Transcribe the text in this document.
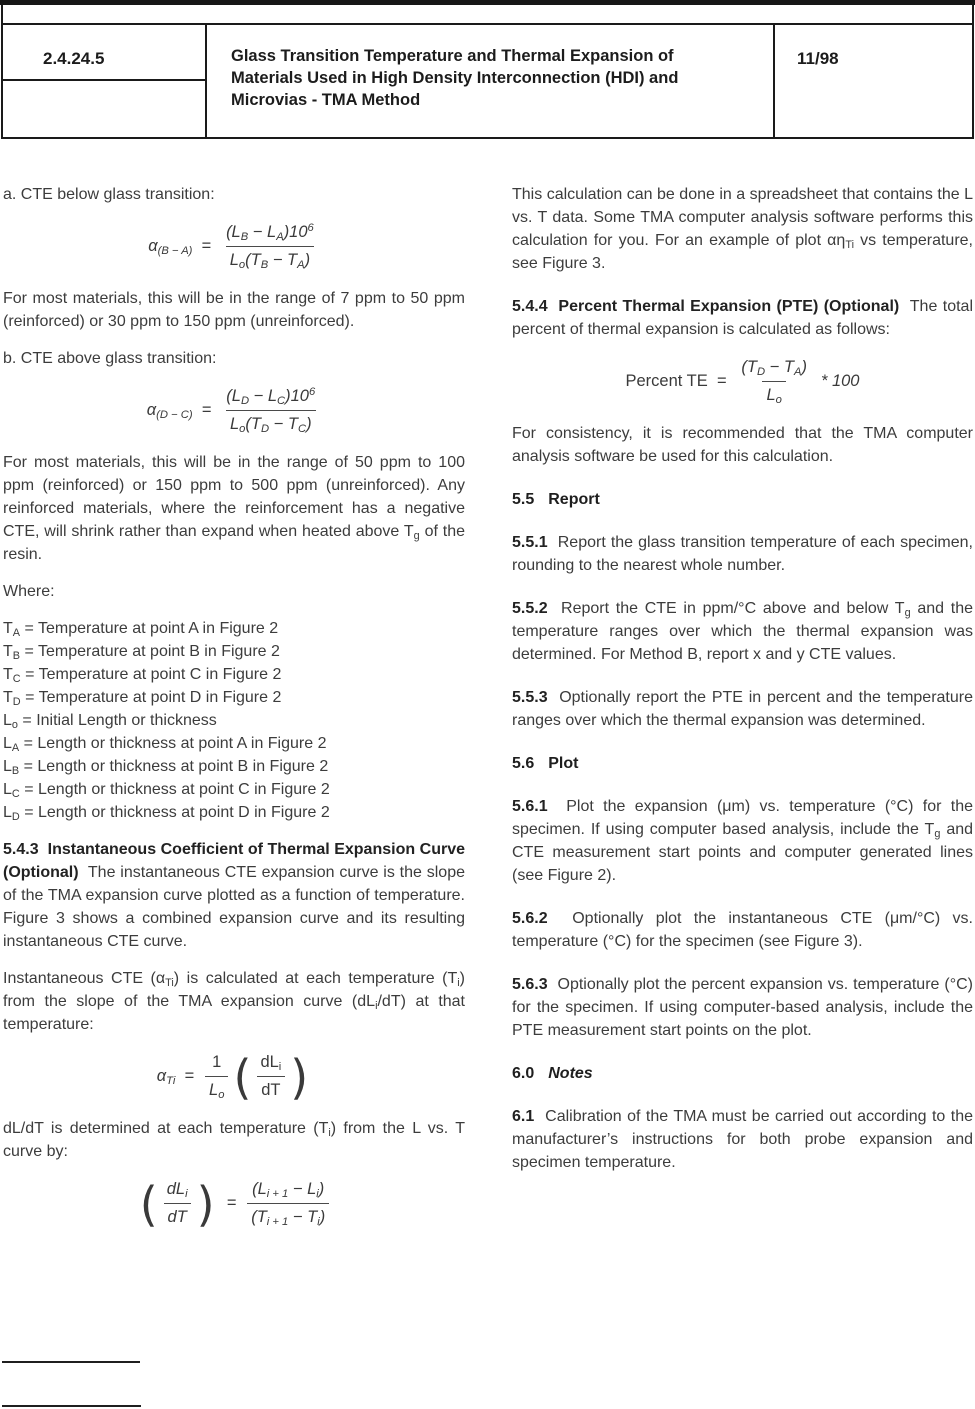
2.4.24.5	Glass Transition Temperature and Thermal Expansion of
Materials Used in High Density Interconnection (HDI) and
Microvias - TMA Method
11/98
a. CTE below glass transition:
$\alpha_{(B - A)} = \frac{(L_B - L_A)10^6}{L_o(T_B - T_A)}$
For most materials, this will be in the range of 7 ppm to 50 ppm (reinforced) or 30 ppm to 150 ppm (unreinforced).
b. CTE above glass transition:
$\alpha_{(D - C)} = \frac{(L_D - L_C)10^6}{L_o(T_D - T_C)}$
For most materials, this will be in the range of 50 ppm to 100 ppm (reinforced) or 150 ppm to 500 ppm (unreinforced). Any reinforced materials, where the reinforcement has a negative CTE, will shrink rather than expand when heated above $T_g$ of the resin.
Where:
$T_A$ = Temperature at point A in Figure 2
$T_B$ = Temperature at point B in Figure 2
$T_C$ = Temperature at point C in Figure 2
$T_D$ = Temperature at point D in Figure 2
$L_o$ = Initial Length or thickness
$L_A$ = Length or thickness at point A in Figure 2
$L_B$ = Length or thickness at point B in Figure 2
$L_C$ = Length or thickness at point C in Figure 2
$L_D$ = Length or thickness at point D in Figure 2
5.4.3  Instantaneous Coefficient of Thermal Expansion Curve (Optional)  The instantaneous CTE expansion curve is the slope of the TMA expansion curve plotted as a function of temperature. Figure 3 shows a combined expansion curve and its resulting instantaneous CTE curve.
Instantaneous CTE $(\alpha_{Ti})$ is calculated at each temperature $(T_i)$ from the slope of the TMA expansion curve $(dL_i/dT)$ at that temperature:
$\alpha_{Ti} = \frac{1}{L_o}$ ( $\frac{dL_i}{dT}$ )
dL/dT is determined at each temperature $(T_i)$ from the L vs. T curve by:
( $\frac{dL_i}{dT}$ ) = $\frac{(L_{i + 1} - L_i)}{(T_{i + 1} - T_i)}$
This calculation can be done in a spreadsheet that contains the L vs. T data. Some TMA computer analysis software performs this calculation for you. For an example of plot $\alpha\eta_{Ti}$ vs temperature, see Figure 3.
5.4.4  Percent Thermal Expansion (PTE) (Optional)  The total percent of thermal expansion is calculated as follows:
Percent TE = $\frac{(T_D - T_A)}{L_o} * 100$
For consistency, it is recommended that the TMA computer analysis software be used for this calculation.
5.5 Report
5.5.1  Report the glass transition temperature of each specimen, rounding to the nearest whole number.
5.5.2  Report the CTE in ppm/°C above and below $T_g$ and the temperature ranges over which the thermal expansion was determined. For Method B, report x and y CTE values.
5.5.3  Optionally report the PTE in percent and the temperature ranges over which the thermal expansion was determined.
5.6 Plot
5.6.1  Plot the expansion (μm) vs. temperature (°C) for the specimen. If using computer based analysis, include the $T_g$ and CTE measurement start points and computer generated lines (see Figure 2).
5.6.2  Optionally plot the instantaneous CTE (μm/°C) vs. temperature (°C) for the specimen (see Figure 3).
5.6.3  Optionally plot the percent expansion vs. temperature (°C) for the specimen. If using computer-based analysis, include the PTE measurement start points on the plot.
6.0 Notes
6.1  Calibration of the TMA must be carried out according to the manufacturer’s instructions for both probe expansion and specimen temperature.
